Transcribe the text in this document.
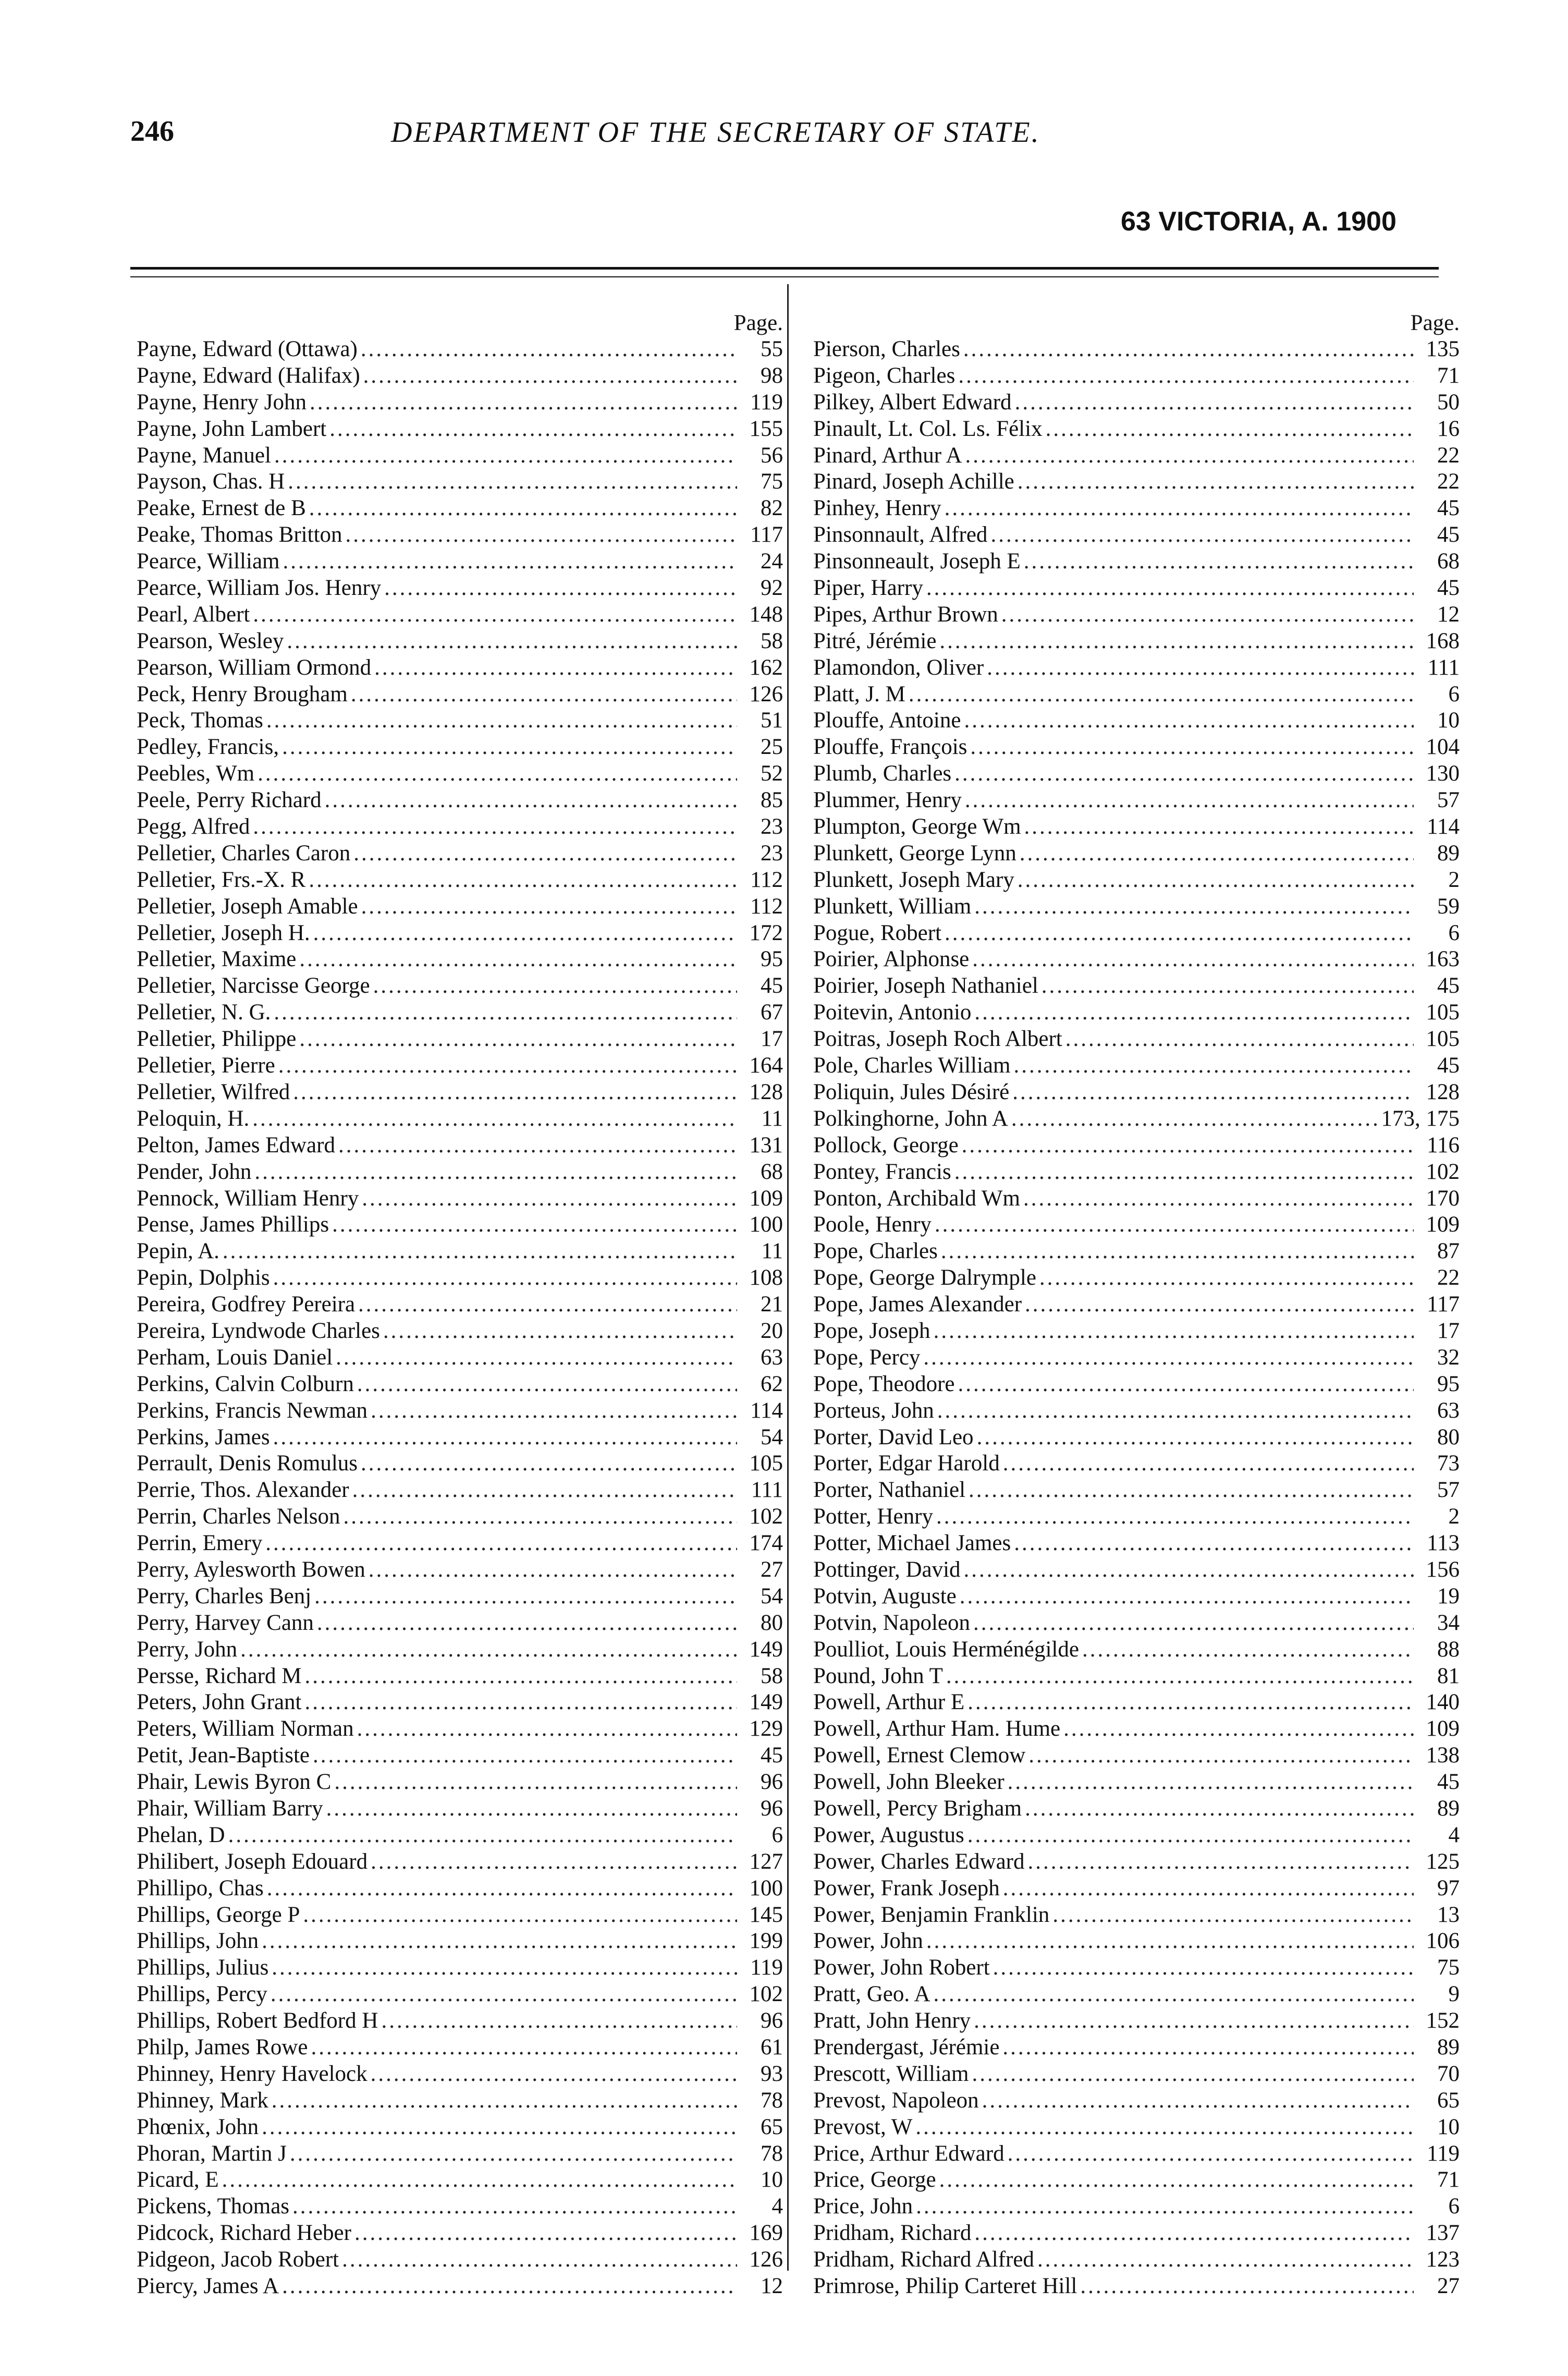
246	DEPARTMENT OF THE SECRETARY OF STATE.
63 VICTORIA, A. 1900
Page.
Payne, Edward (Ottawa) .....	55
Payne, Edward (Halifax) .....	98
Payne, Henry John .....	119
Payne, John Lambert .....	155
Payne, Manuel .....	56
Payson, Chas. H .....	75
Peake, Ernest de B .....	82
Peake, Thomas Britton .....	117
Pearce, William .....	24
Pearce, William Jos. Henry .....	92
Pearl, Albert .....	148
Pearson, Wesley .....	58
Pearson, William Ormond .....	162
Peck, Henry Brougham .....	126
Peck, Thomas .....	51
Pedley, Francis, .....	25
Peebles, Wm .....	52
Peele, Perry Richard .....	85
Pegg, Alfred .....	23
Pelletier, Charles Caron .....	23
Pelletier, Frs.-X. R .....	112
Pelletier, Joseph Amable .....	112
Pelletier, Joseph H. .....	172
Pelletier, Maxime .....	95
Pelletier, Narcisse George .....	45
Pelletier, N. G. .....	67
Pelletier, Philippe .....	17
Pelletier, Pierre .....	164
Pelletier, Wilfred .....	128
Peloquin, H. .....	11
Pelton, James Edward .....	131
Pender, John .....	68
Pennock, William Henry .....	109
Pense, James Phillips .....	100
Pepin, A. .....	11
Pepin, Dolphis .....	108
Pereira, Godfrey Pereira .....	21
Pereira, Lyndwode Charles .....	20
Perham, Louis Daniel .....	63
Perkins, Calvin Colburn .....	62
Perkins, Francis Newman .....	114
Perkins, James .....	54
Perrault, Denis Romulus .....	105
Perrie, Thos. Alexander .....	111
Perrin, Charles Nelson .....	102
Perrin, Emery .....	174
Perry, Aylesworth Bowen .....	27
Perry, Charles Benj .....	54
Perry, Harvey Cann .....	80
Perry, John .....	149
Persse, Richard M .....	58
Peters, John Grant .....	149
Peters, William Norman .....	129
Petit, Jean-Baptiste .....	45
Phair, Lewis Byron C .....	96
Phair, William Barry .....	96
Phelan, D .....	6
Philibert, Joseph Edouard .....	127
Phillipo, Chas .....	100
Phillips, George P .....	145
Phillips, John .....	199
Phillips, Julius .....	119
Phillips, Percy .....	102
Phillips, Robert Bedford H .....	96
Philp, James Rowe .....	61
Phinney, Henry Havelock .....	93
Phinney, Mark .....	78
Phœnix, John .....	65
Phoran, Martin J .....	78
Picard, E .....	10
Pickens, Thomas .....	4
Pidcock, Richard Heber .....	169
Pidgeon, Jacob Robert .....	126
Piercy, James A .....	12
Page.
Pierson, Charles .....	135
Pigeon, Charles .....	71
Pilkey, Albert Edward .....	50
Pinault, Lt. Col. Ls. Félix .....	16
Pinard, Arthur A .....	22
Pinard, Joseph Achille .....	22
Pinhey, Henry .....	45
Pinsonnault, Alfred .....	45
Pinsonneault, Joseph E .....	68
Piper, Harry .....	45
Pipes, Arthur Brown .....	12
Pitré, Jérémie .....	168
Plamondon, Oliver .....	111
Platt, J. M .....	6
Plouffe, Antoine .....	10
Plouffe, François .....	104
Plumb, Charles .....	130
Plummer, Henry .....	57
Plumpton, George Wm .....	114
Plunkett, George Lynn .....	89
Plunkett, Joseph Mary .....	2
Plunkett, William .....	59
Pogue, Robert .....	6
Poirier, Alphonse .....	163
Poirier, Joseph Nathaniel .....	45
Poitevin, Antonio .....	105
Poitras, Joseph Roch Albert .....	105
Pole, Charles William .....	45
Poliquin, Jules Désiré .....	128
Polkinghorne, John A .....	173, 175
Pollock, George .....	116
Pontey, Francis .....	102
Ponton, Archibald Wm .....	170
Poole, Henry .....	109
Pope, Charles .....	87
Pope, George Dalrymple .....	22
Pope, James Alexander .....	117
Pope, Joseph .....	17
Pope, Percy .....	32
Pope, Theodore .....	95
Porteus, John .....	63
Porter, David Leo .....	80
Porter, Edgar Harold .....	73
Porter, Nathaniel .....	57
Potter, Henry .....	2
Potter, Michael James .....	113
Pottinger, David .....	156
Potvin, Auguste .....	19
Potvin, Napoleon .....	34
Poulliot, Louis Herménégilde .....	88
Pound, John T .....	81
Powell, Arthur E .....	140
Powell, Arthur Ham. Hume .....	109
Powell, Ernest Clemow .....	138
Powell, John Bleeker .....	45
Powell, Percy Brigham .....	89
Power, Augustus .....	4
Power, Charles Edward .....	125
Power, Frank Joseph .....	97
Power, Benjamin Franklin .....	13
Power, John .....	106
Power, John Robert .....	75
Pratt, Geo. A .....	9
Pratt, John Henry .....	152
Prendergast, Jérémie .....	89
Prescott, William .....	70
Prevost, Napoleon .....	65
Prevost, W .....	10
Price, Arthur Edward .....	119
Price, George .....	71
Price, John .....	6
Pridham, Richard .....	137
Pridham, Richard Alfred .....	123
Primrose, Philip Carteret Hill .....	27
